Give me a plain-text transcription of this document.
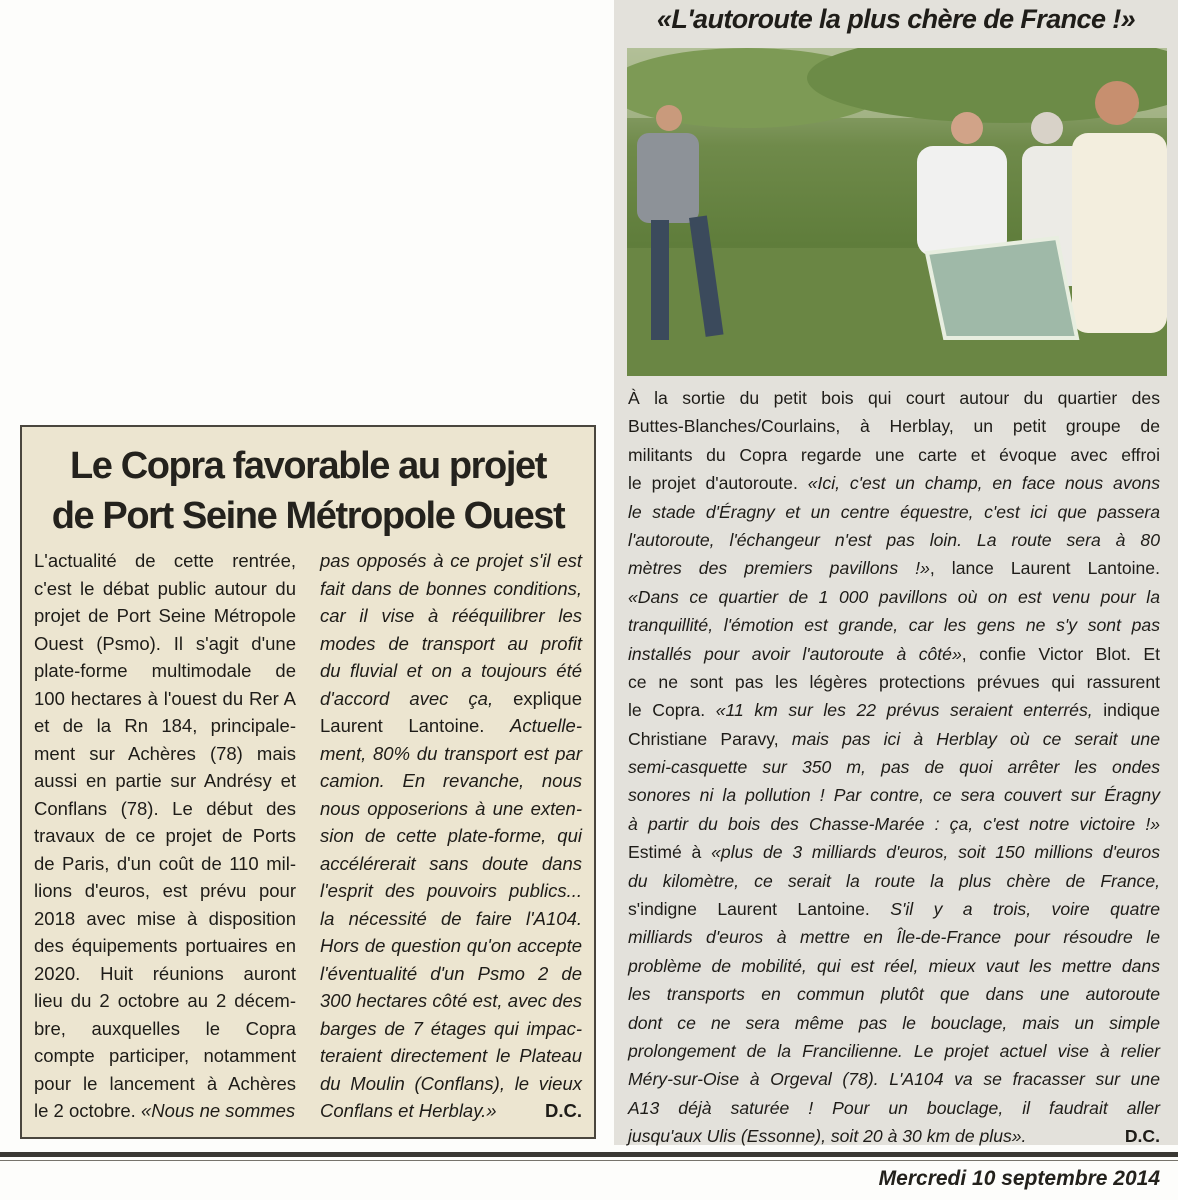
Le Copra favorable au projet
de Port Seine Métropole Ouest
L'actualité de cette rentrée,
c'est le débat public autour du
projet de Port Seine Métropole
Ouest (Psmo). Il s'agit d'une
plate-forme multimodale de
100 hectares à l'ouest du Rer A
et de la Rn 184, principale-
ment sur Achères (78) mais
aussi en partie sur Andrésy et
Conflans (78). Le début des
travaux de ce projet de Ports
de Paris, d'un coût de 110 mil-
lions d'euros, est prévu pour
2018 avec mise à disposition
des équipements portuaires en
2020. Huit réunions auront
lieu du 2 octobre au 2 décem-
bre, auxquelles le Copra
compte participer, notamment
pour le lancement à Achères
le 2 octobre. «Nous ne sommes
pas opposés à ce projet s'il est
fait dans de bonnes conditions,
car il vise à rééquilibrer les
modes de transport au profit
du fluvial et on a toujours été
d'accord avec ça, explique
Laurent Lantoine. Actuelle-
ment, 80% du transport est par
camion. En revanche, nous
nous opposerions à une exten-
sion de cette plate-forme, qui
accélérerait sans doute dans
l'esprit des pouvoirs publics...
la nécessité de faire l'A104.
Hors de question qu'on accepte
l'éventualité d'un Psmo 2 de
300 hectares côté est, avec des
barges de 7 étages qui impac-
teraient directement le Plateau
du Moulin (Conflans), le vieux
Conflans et Herblay.»	D.C.
«L'autoroute la plus chère de France !»
À la sortie du petit bois qui court autour du quartier des
Buttes-Blanches/Courlains, à Herblay, un petit groupe de
militants du Copra regarde une carte et évoque avec effroi
le projet d'autoroute. «Ici, c'est un champ, en face nous avons
le stade d'Éragny et un centre équestre, c'est ici que passera
l'autoroute, l'échangeur n'est pas loin. La route sera à 80
mètres des premiers pavillons !», lance Laurent Lantoine.
«Dans ce quartier de 1 000 pavillons où on est venu pour la
tranquillité, l'émotion est grande, car les gens ne s'y sont pas
installés pour avoir l'autoroute à côté», confie Victor Blot. Et
ce ne sont pas les légères protections prévues qui rassurent
le Copra. «11 km sur les 22 prévus seraient enterrés, indique
Christiane Paravy, mais pas ici à Herblay où ce serait une
semi-casquette sur 350 m, pas de quoi arrêter les ondes
sonores ni la pollution ! Par contre, ce sera couvert sur Éragny
à partir du bois des Chasse-Marée : ça, c'est notre victoire !»
Estimé à «plus de 3 milliards d'euros, soit 150 millions d'euros
du kilomètre, ce serait la route la plus chère de France,
s'indigne Laurent Lantoine. S'il y a trois, voire quatre
milliards d'euros à mettre en Île-de-France pour résoudre le
problème de mobilité, qui est réel, mieux vaut les mettre dans
les transports en commun plutôt que dans une autoroute
dont ce ne sera même pas le bouclage, mais un simple
prolongement de la Francilienne. Le projet actuel vise à relier
Méry-sur-Oise à Orgeval (78). L'A104 va se fracasser sur une
A13 déjà saturée ! Pour un bouclage, il faudrait aller
jusqu'aux Ulis (Essonne), soit 20 à 30 km de plus».	D.C.
Mercredi 10 septembre 2014
